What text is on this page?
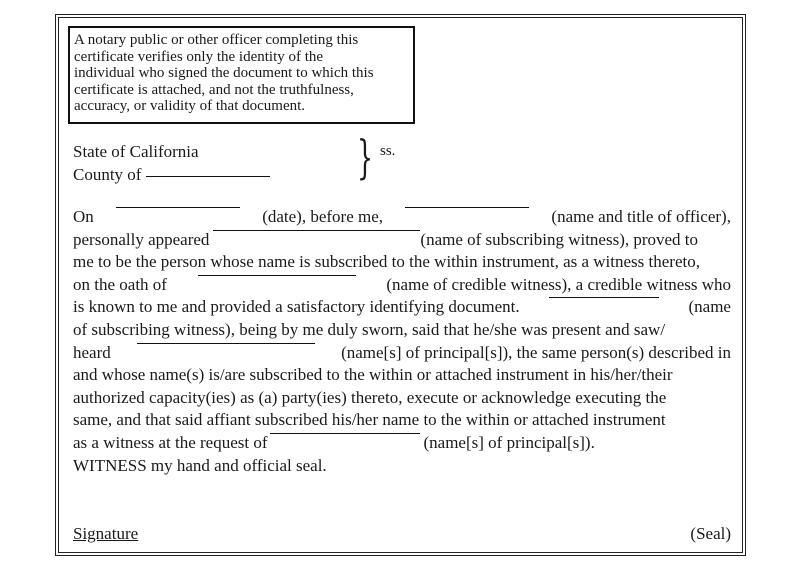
A notary public or other officer completing this
certificate verifies only the identity of the
individual who signed the document to which this
certificate is attached, and not the truthfulness,
accuracy, or validity of that document.
State of California
County of	} ss.
On	(date), before me,	(name and title of officer),
personally appeared	(name of subscribing witness), proved to
me to be the person whose name is subscribed to the within instrument, as a witness thereto,
on the oath of	(name of credible witness), a credible witness who
is known to me and provided a satisfactory identifying document.	(name
of subscribing witness), being by me duly sworn, said that he/she was present and saw/
heard	(name[s] of principal[s]), the same person(s) described in
and whose name(s) is/are subscribed to the within or attached instrument in his/her/their
authorized capacity(ies) as (a) party(ies) thereto, execute or acknowledge executing the
same, and that said affiant subscribed his/her name to the within or attached instrument
as a witness at the request of	(name[s] of principal[s]).
WITNESS my hand and official seal.
Signature	(Seal)
